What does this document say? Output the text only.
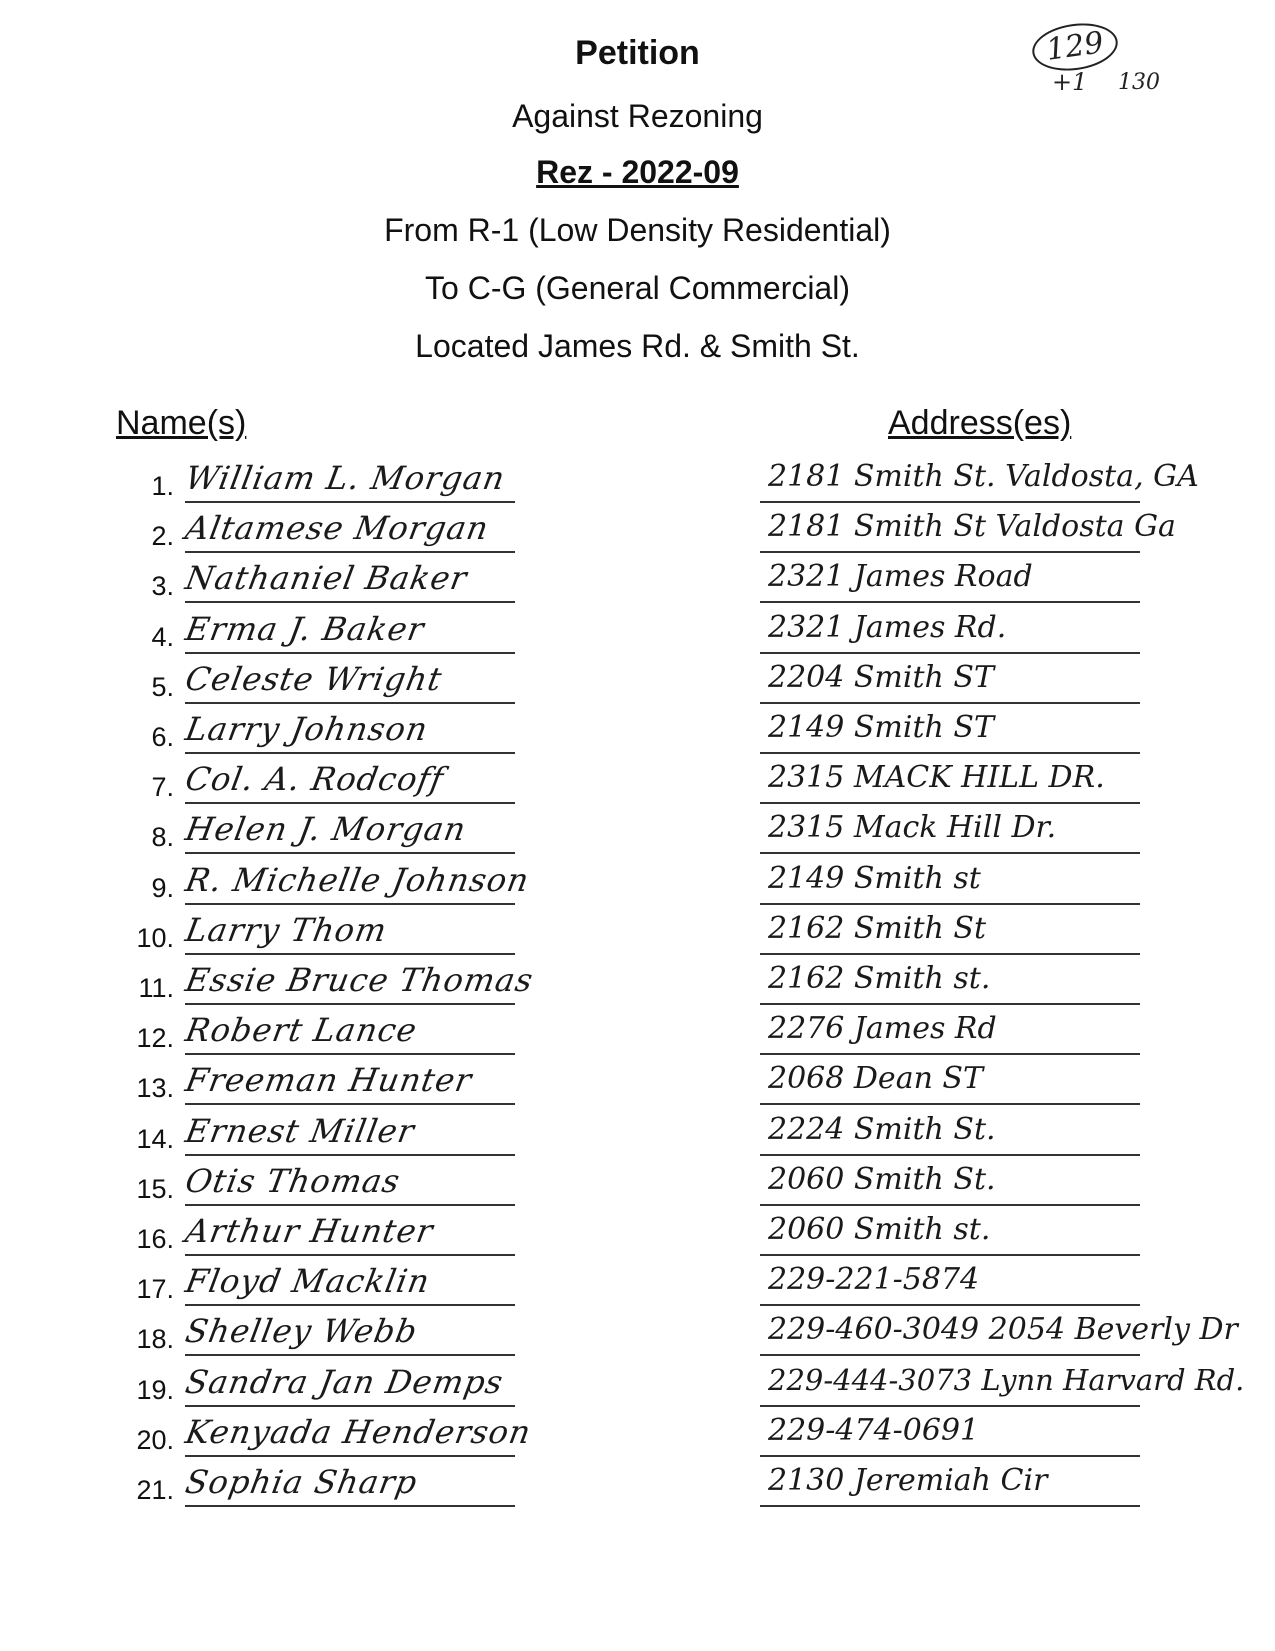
Petition
Against Rezoning
Rez - 2022-09
From R-1 (Low Density Residential)
To C-G (General Commercial)
Located James Rd. & Smith St.
129
+1 130
Name(s)	Address(es)
1. William L. Morgan	2181 Smith St. Valdosta, GA
2. Altamese Morgan	2181 Smith St Valdosta Ga
3. Nathaniel Baker	2321 James Road
4. Erma J. Baker	2321 James Rd.
5. Celeste Wright	2204 Smith ST
6. Larry Johnson	2149 Smith ST
7. Col. A. Rodcoff	2315 MACK HILL DR.
8. Helen J. Morgan	2315 Mack Hill Dr.
9. R. Michelle Johnson	2149 Smith st
10. Larry Thom	2162 Smith St
11. Essie Bruce Thomas	2162 Smith st.
12. Robert Lance	2276 James Rd
13. Freeman Hunter	2068 Dean ST
14. Ernest Miller	2224 Smith St.
15. Otis Thomas	2060 Smith St.
16. Arthur Hunter	2060 Smith st.
17. Floyd Macklin	229-221-5874
18. Shelley Webb	229-460-3049 2054 Beverly Dr
19. Sandra Jan Demps	229-444-3073 Lynn Harvard Rd.
20. Kenyada Henderson	229-474-0691
21. Sophia Sharp	2130 Jeremiah Cir
